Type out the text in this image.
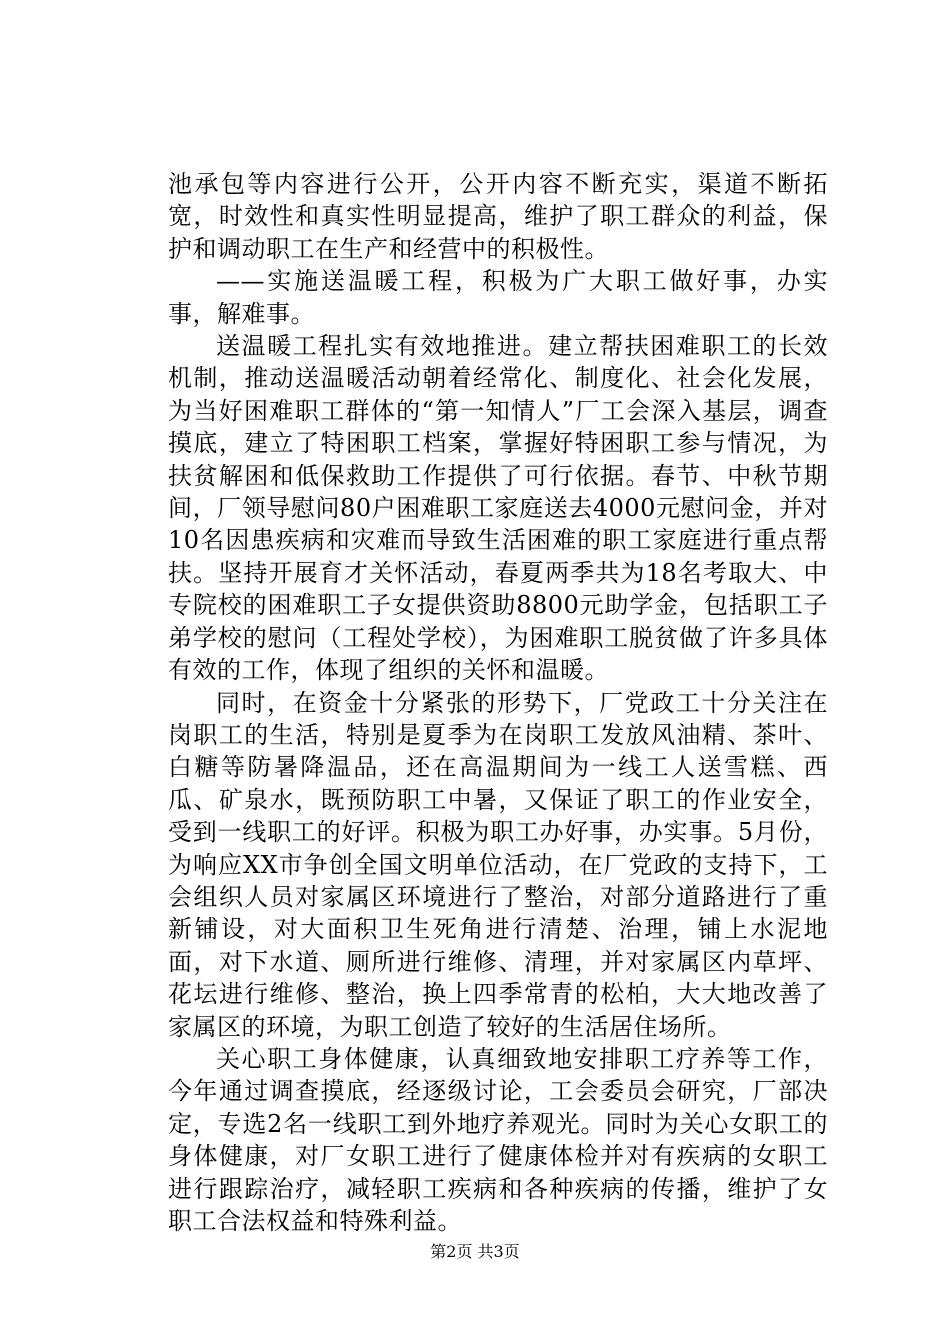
池承包等内容进行公开，公开内容不断充实，渠道不断拓宽，时效性和真实性明显提高，维护了职工群众的利益，保护和调动职工在生产和经营中的积极性。

——实施送温暖工程，积极为广大职工做好事，办实事，解难事。

送温暖工程扎实有效地推进。建立帮扶困难职工的长效机制，推动送温暖活动朝着经常化、制度化、社会化发展，为当好困难职工群体的“第一知情人”厂工会深入基层，调查摸底，建立了特困职工档案，掌握好特困职工参与情况，为扶贫解困和低保救助工作提供了可行依据。春节、中秋节期间，厂领导慰问80户困难职工家庭送去4000元慰问金，并对10名因患疾病和灾难而导致生活困难的职工家庭进行重点帮扶。坚持开展育才关怀活动，春夏两季共为18名考取大、中专院校的困难职工子女提供资助8800元助学金，包括职工子弟学校的慰问（工程处学校），为困难职工脱贫做了许多具体有效的工作，体现了组织的关怀和温暖。

同时，在资金十分紧张的形势下，厂党政工十分关注在岗职工的生活，特别是夏季为在岗职工发放风油精、茶叶、白糖等防暑降温品，还在高温期间为一线工人送雪糕、西瓜、矿泉水，既预防职工中暑，又保证了职工的作业安全，受到一线职工的好评。积极为职工办好事，办实事。5月份，为响应XX市争创全国文明单位活动，在厂党政的支持下，工会组织人员对家属区环境进行了整治，对部分道路进行了重新铺设，对大面积卫生死角进行清楚、治理，铺上水泥地面，对下水道、厕所进行维修、清理，并对家属区内草坪、花坛进行维修、整治，换上四季常青的松柏，大大地改善了家属区的环境，为职工创造了较好的生活居住场所。

关心职工身体健康，认真细致地安排职工疗养等工作，今年通过调查摸底，经逐级讨论，工会委员会研究，厂部决定，专选2名一线职工到外地疗养观光。同时为关心女职工的身体健康，对厂女职工进行了健康体检并对有疾病的女职工进行跟踪治疗，减轻职工疾病和各种疾病的传播，维护了女职工合法权益和特殊利益。

第2页 共3页
